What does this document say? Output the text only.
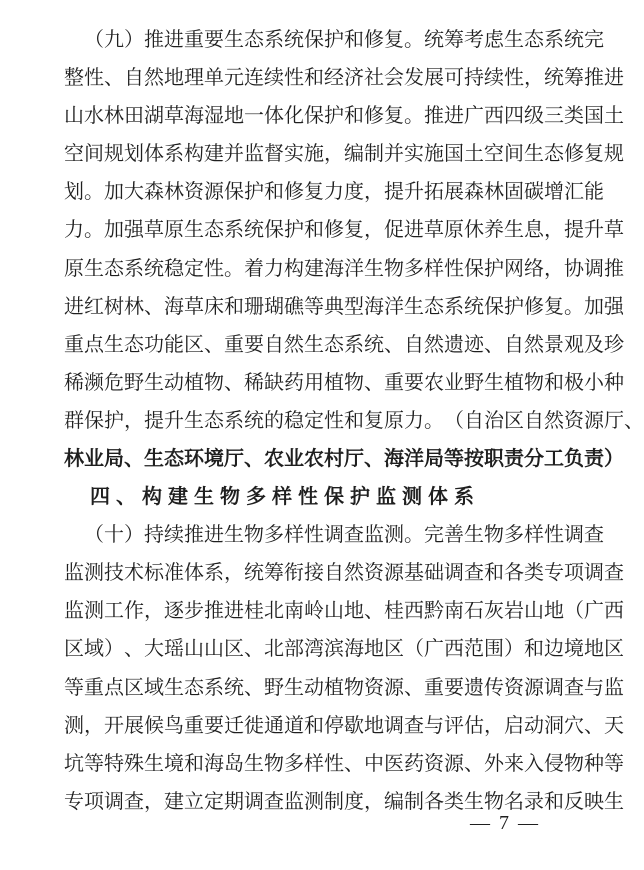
（ 九 ） 推 进 重 要 生 态 系 统 保 护 和 修 复 。 统 筹 考 虑 生 态 系 统 完
整 性 、 自 然 地 理 单 元 连 续 性 和 经 济 社 会 发 展 可 持 续 性 ， 统 筹 推 进
山 水 林 田 湖 草 海 湿 地 一 体 化 保 护 和 修 复 。 推 进 广 西 四 级 三 类 国 土
空 间 规 划 体 系 构 建 并 监 督 实 施 ， 编 制 并 实 施 国 土 空 间 生 态 修 复 规
划 。 加 大 森 林 资 源 保 护 和 修 复 力 度 ， 提 升 拓 展 森 林 固 碳 增 汇 能
力 。 加 强 草 原 生 态 系 统 保 护 和 修 复 ， 促 进 草 原 休 养 生 息 ， 提 升 草
原 生 态 系 统 稳 定 性 。 着 力 构 建 海 洋 生 物 多 样 性 保 护 网 络 ， 协 调 推
进 红 树 林 、 海 草 床 和 珊 瑚 礁 等 典 型 海 洋 生 态 系 统 保 护 修 复 。 加 强
重 点 生 态 功 能 区 、 重 要 自 然 生 态 系 统 、 自 然 遗 迹 、 自 然 景 观 及 珍
稀 濒 危 野 生 动 植 物 、 稀 缺 药 用 植 物 、 重 要 农 业 野 生 植 物 和 极 小 种
群 保 护 ， 提 升 生 态 系 统 的 稳 定 性 和 复 原 力 。 （ 自 治 区 自 然 资 源 厅 、
林 业 局 、 生 态 环 境 厅 、 农 业 农 村 厅 、 海 洋 局 等 按 职 责 分 工 负 责 ）

四 、 构 建 生 物 多 样 性 保 护 监 测 体 系

（ 十 ） 持 续 推 进 生 物 多 样 性 调 查 监 测 。 完 善 生 物 多 样 性 调 查
监 测 技 术 标 准 体 系 ， 统 筹 衔 接 自 然 资 源 基 础 调 查 和 各 类 专 项 调 查
监 测 工 作 ， 逐 步 推 进 桂 北 南 岭 山 地 、 桂 西 黔 南 石 灰 岩 山 地 （ 广 西
区 域 ） 、 大 瑶 山 山 区 、 北 部 湾 滨 海 地 区 （ 广 西 范 围 ） 和 边 境 地 区
等 重 点 区 域 生 态 系 统 、 野 生 动 植 物 资 源 、 重 要 遗 传 资 源 调 查 与 监
测 ， 开 展 候 鸟 重 要 迁 徙 通 道 和 停 歇 地 调 查 与 评 估 ， 启 动 洞 穴 、 天
坑 等 特 殊 生 境 和 海 岛 生 物 多 样 性 、 中 医 药 资 源 、 外 来 入 侵 物 种 等
专 项 调 查 ， 建 立 定 期 调 查 监 测 制 度 ， 编 制 各 类 生 物 名 录 和 反 映 生
— 7 —
